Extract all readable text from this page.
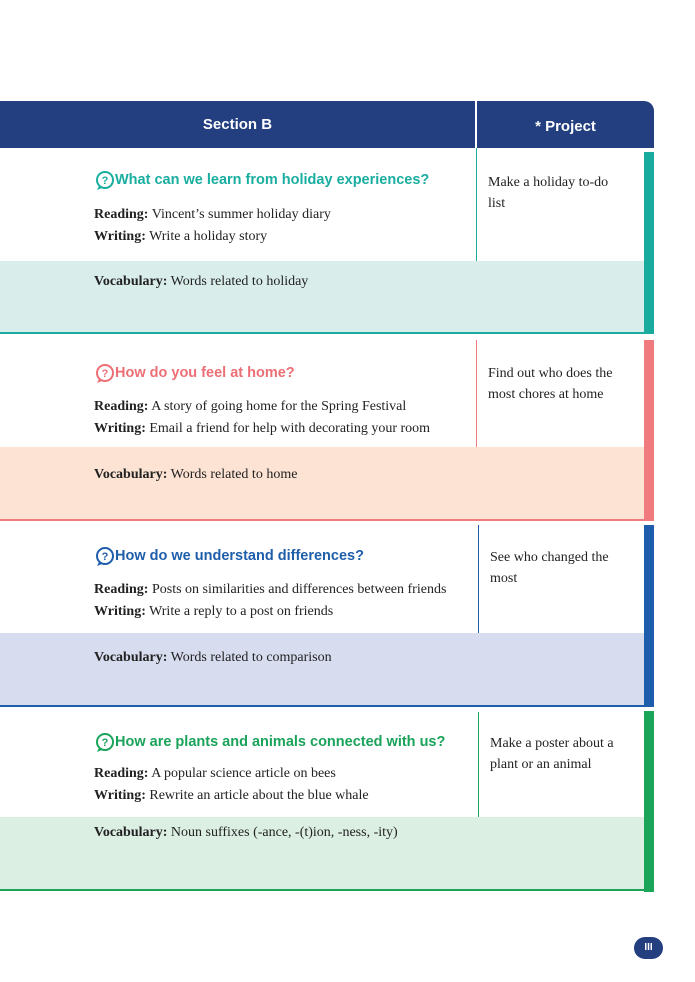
Section B	* Project
? What can we learn from holiday experiences?
Reading: Vincent’s summer holiday diary
Writing: Write a holiday story
Vocabulary: Words related to holiday
Make a holiday to-do list
? How do you feel at home?
Reading: A story of going home for the Spring Festival
Writing: Email a friend for help with decorating your room
Vocabulary: Words related to home
Find out who does the most chores at home
? How do we understand differences?
Reading: Posts on similarities and differences between friends
Writing: Write a reply to a post on friends
Vocabulary: Words related to comparison
See who changed the most
? How are plants and animals connected with us?
Reading: A popular science article on bees
Writing: Rewrite an article about the blue whale
Vocabulary: Noun suffixes (-ance, -(t)ion, -ness, -ity)
Make a poster about a plant or an animal
III
